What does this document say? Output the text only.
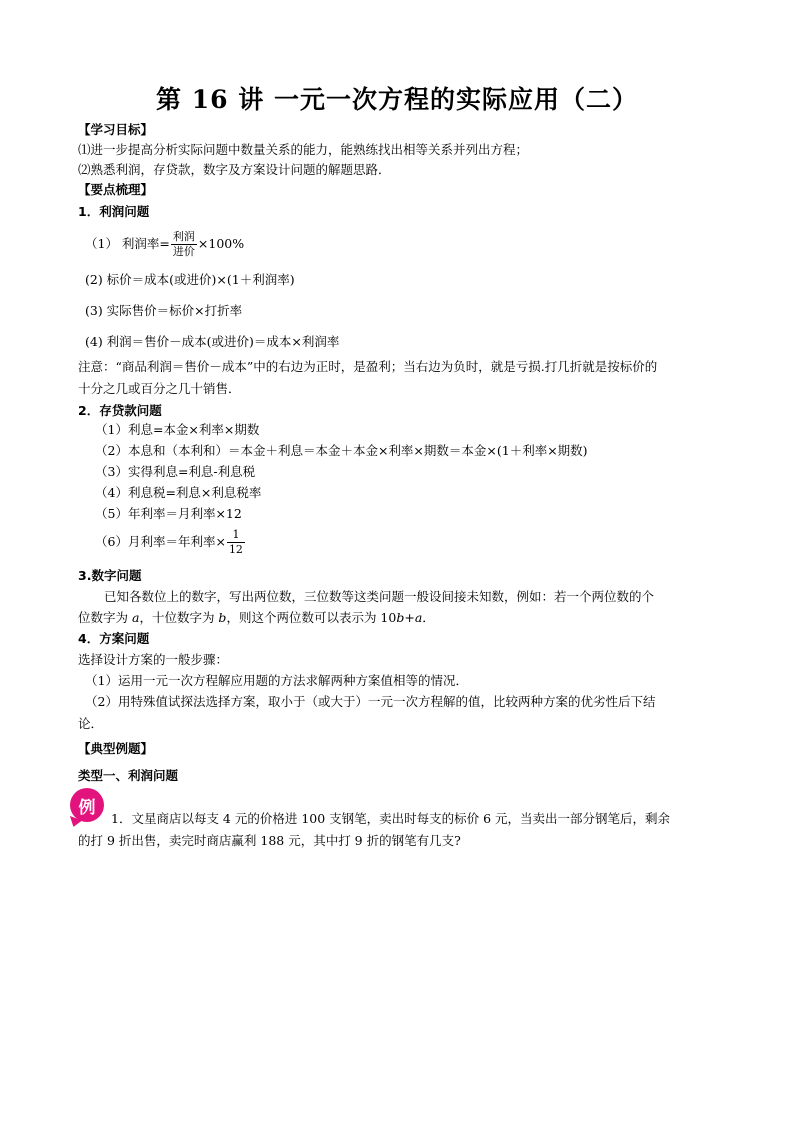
第 16 讲 一元一次方程的实际应用（二）
【学习目标】
⑴进一步提高分析实际问题中数量关系的能力，能熟练找出相等关系并列出方程；
⑵熟悉利润，存贷款，数字及方案设计问题的解题思路．
【要点梳理】
1．利润问题
（1） 利润率= $\frac{\text{利润}}{\text{进价}} \times 100\%$
(2) 标价＝成本(或进价)×(1＋利润率)
(3) 实际售价＝标价×打折率
(4) 利润＝售价－成本(或进价)＝成本×利润率
注意：“商品利润＝售价－成本”中的右边为正时，是盈利；当右边为负时，就是亏损.打几折就是按标价的
十分之几或百分之几十销售．
2．存贷款问题
（1）利息=本金×利率×期数
（2）本息和（本利和）＝本金＋利息＝本金＋本金×利率×期数＝本金×(1＋利率×期数)
（3）实得利息=利息-利息税
（4）利息税=利息×利息税率
（5）年利率＝月利率×12
（6）月利率＝年利率× $\frac{1}{12}$
3.数字问题
已知各数位上的数字，写出两位数，三位数等这类问题一般设间接未知数，例如：若一个两位数的个
位数字为 a，十位数字为 b，则这个两位数可以表示为 10b+a．
4．方案问题
选择设计方案的一般步骤：
（1）运用一元一次方程解应用题的方法求解两种方案值相等的情况．
（2）用特殊值试探法选择方案，取小于（或大于）一元一次方程解的值，比较两种方案的优劣性后下结
论．
【典型例题】
类型一、利润问题
例
1．文星商店以每支 4 元的价格进 100 支钢笔，卖出时每支的标价 6 元，当卖出一部分钢笔后，剩余
的打 9 折出售，卖完时商店赢利 188 元，其中打 9 折的钢笔有几支?
